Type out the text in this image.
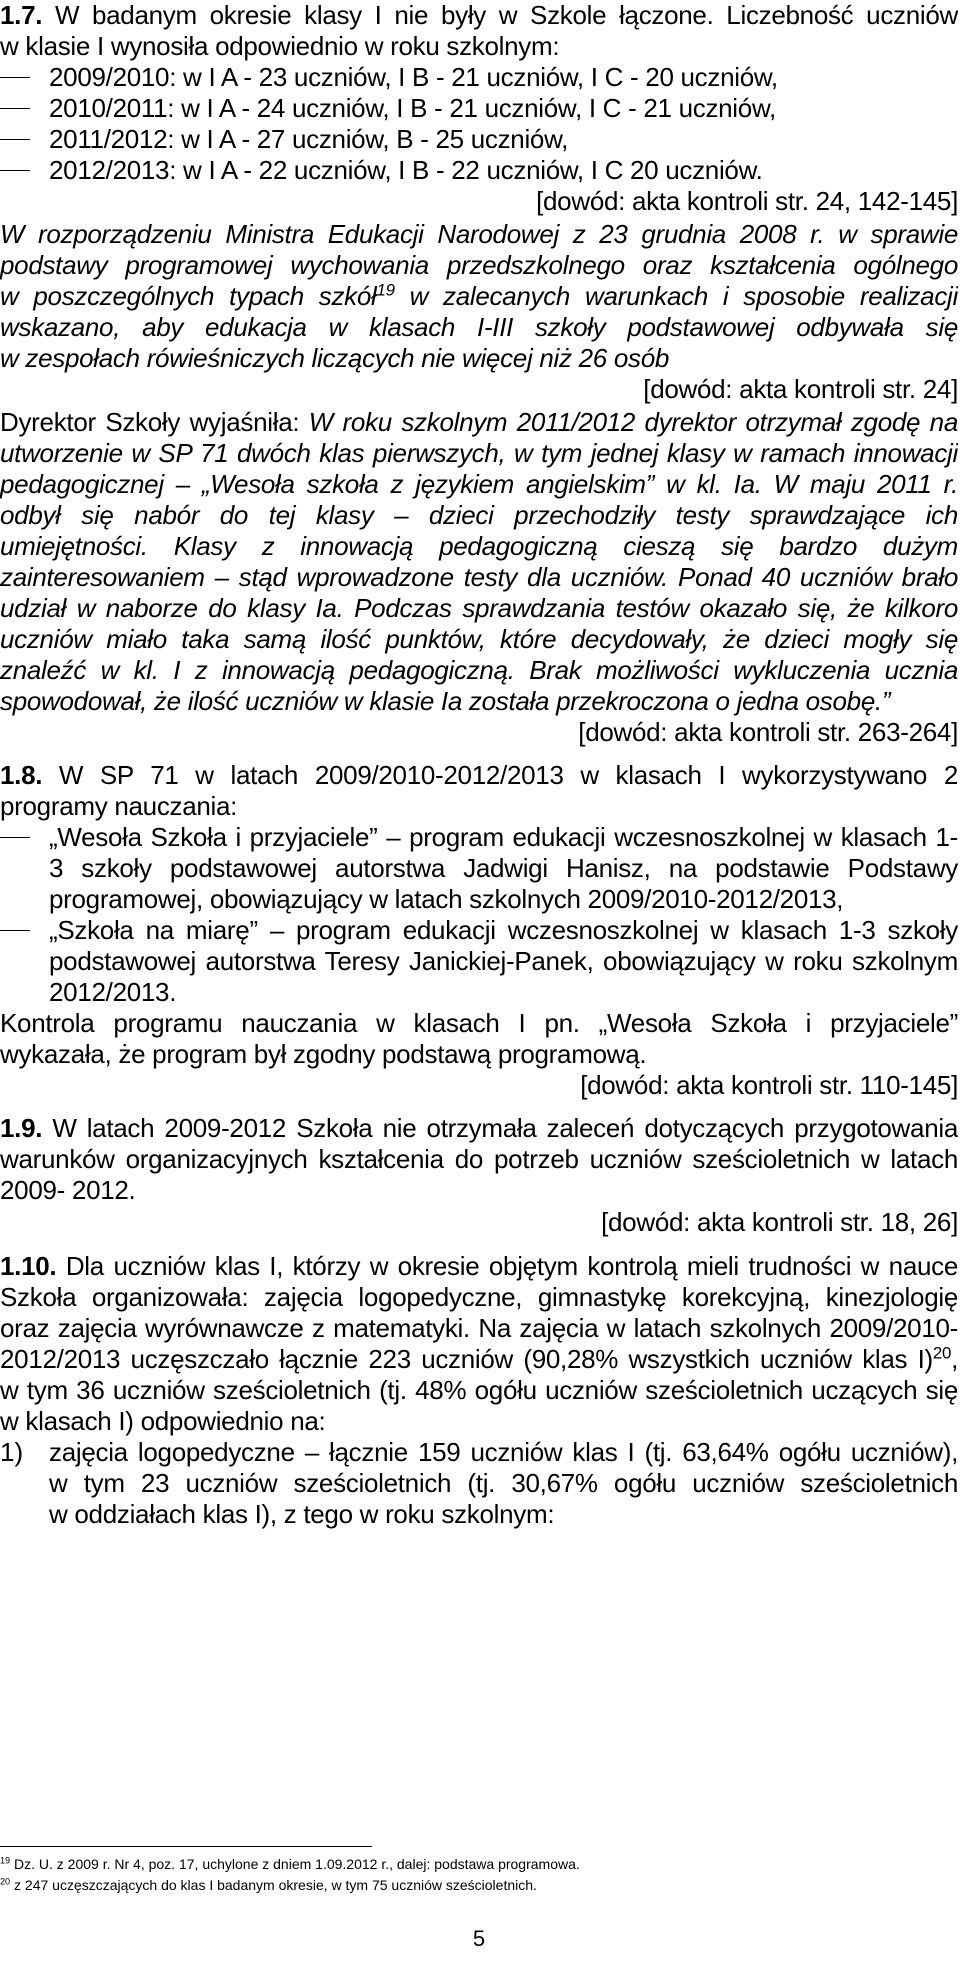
1.7. W badanym okresie klasy I nie były w Szkole łączone. Liczebność uczniów
w klasie I wynosiła odpowiednio w roku szkolnym:
2009/2010: w I A - 23 uczniów, I B - 21 uczniów, I C - 20 uczniów,
2010/2011: w I A - 24 uczniów, I B - 21 uczniów, I C - 21 uczniów,
2011/2012: w I A - 27 uczniów, B - 25 uczniów,
2012/2013: w I A - 22 uczniów, I B - 22 uczniów, I C 20 uczniów.
[dowód: akta kontroli str. 24, 142-145]
W rozporządzeniu Ministra Edukacji Narodowej z 23 grudnia 2008 r. w sprawie
podstawy programowej wychowania przedszkolnego oraz kształcenia ogólnego
w poszczególnych typach szkół$^{19}$ w zalecanych warunkach i sposobie realizacji
wskazano, aby edukacja w klasach I-III szkoły podstawowej odbywała się
w zespołach rówieśniczych liczących nie więcej niż 26 osób
[dowód: akta kontroli str. 24]
Dyrektor Szkoły wyjaśniła: W roku szkolnym 2011/2012 dyrektor otrzymał zgodę na
utworzenie w SP 71 dwóch klas pierwszych, w tym jednej klasy w ramach innowacji
pedagogicznej – „Wesoła szkoła z językiem angielskim” w kl. Ia. W maju 2011 r.
odbył się nabór do tej klasy – dzieci przechodziły testy sprawdzające ich
umiejętności. Klasy z innowacją pedagogiczną cieszą się bardzo dużym
zainteresowaniem – stąd wprowadzone testy dla uczniów. Ponad 40 uczniów brało
udział w naborze do klasy Ia. Podczas sprawdzania testów okazało się, że kilkoro
uczniów miało taka samą ilość punktów, które decydowały, że dzieci mogły się
znaleźć w kl. I z innowacją pedagogiczną. Brak możliwości wykluczenia ucznia
spowodował, że ilość uczniów w klasie Ia została przekroczona o jedna osobę.”
[dowód: akta kontroli str. 263-264]
1.8. W SP 71 w latach 2009/2010-2012/2013 w klasach I wykorzystywano 2
programy nauczania:
„Wesoła Szkoła i przyjaciele” – program edukacji wczesnoszkolnej w klasach 1-
3 szkoły podstawowej autorstwa Jadwigi Hanisz, na podstawie Podstawy
programowej, obowiązujący w latach szkolnych 2009/2010-2012/2013,
„Szkoła na miarę” – program edukacji wczesnoszkolnej w klasach 1-3 szkoły
podstawowej autorstwa Teresy Janickiej-Panek, obowiązujący w roku szkolnym
2012/2013.
Kontrola programu nauczania w klasach I pn. „Wesoła Szkoła i przyjaciele”
wykazała, że program był zgodny podstawą programową.
[dowód: akta kontroli str. 110-145]
1.9. W latach 2009-2012 Szkoła nie otrzymała zaleceń dotyczących przygotowania
warunków organizacyjnych kształcenia do potrzeb uczniów sześcioletnich w latach
2009- 2012.
[dowód: akta kontroli str. 18, 26]
1.10. Dla uczniów klas I, którzy w okresie objętym kontrolą mieli trudności w nauce
Szkoła organizowała: zajęcia logopedyczne, gimnastykę korekcyjną, kinezjologię
oraz zajęcia wyrównawcze z matematyki. Na zajęcia w latach szkolnych 2009/2010-
2012/2013 uczęszczało łącznie 223 uczniów (90,28% wszystkich uczniów klas I)$^{20}$,
w tym 36 uczniów sześcioletnich (tj. 48% ogółu uczniów sześcioletnich uczących się
w klasach I) odpowiednio na:
1) zajęcia logopedyczne – łącznie 159 uczniów klas I (tj. 63,64% ogółu uczniów),
w tym 23 uczniów sześcioletnich (tj. 30,67% ogółu uczniów sześcioletnich
w oddziałach klas I), z tego w roku szkolnym:
$^{19}$ Dz. U. z 2009 r. Nr 4, poz. 17, uchylone z dniem 1.09.2012 r., dalej: podstawa programowa.
$^{20}$ z 247 uczęszczających do klas I badanym okresie, w tym 75 uczniów sześcioletnich.
5
